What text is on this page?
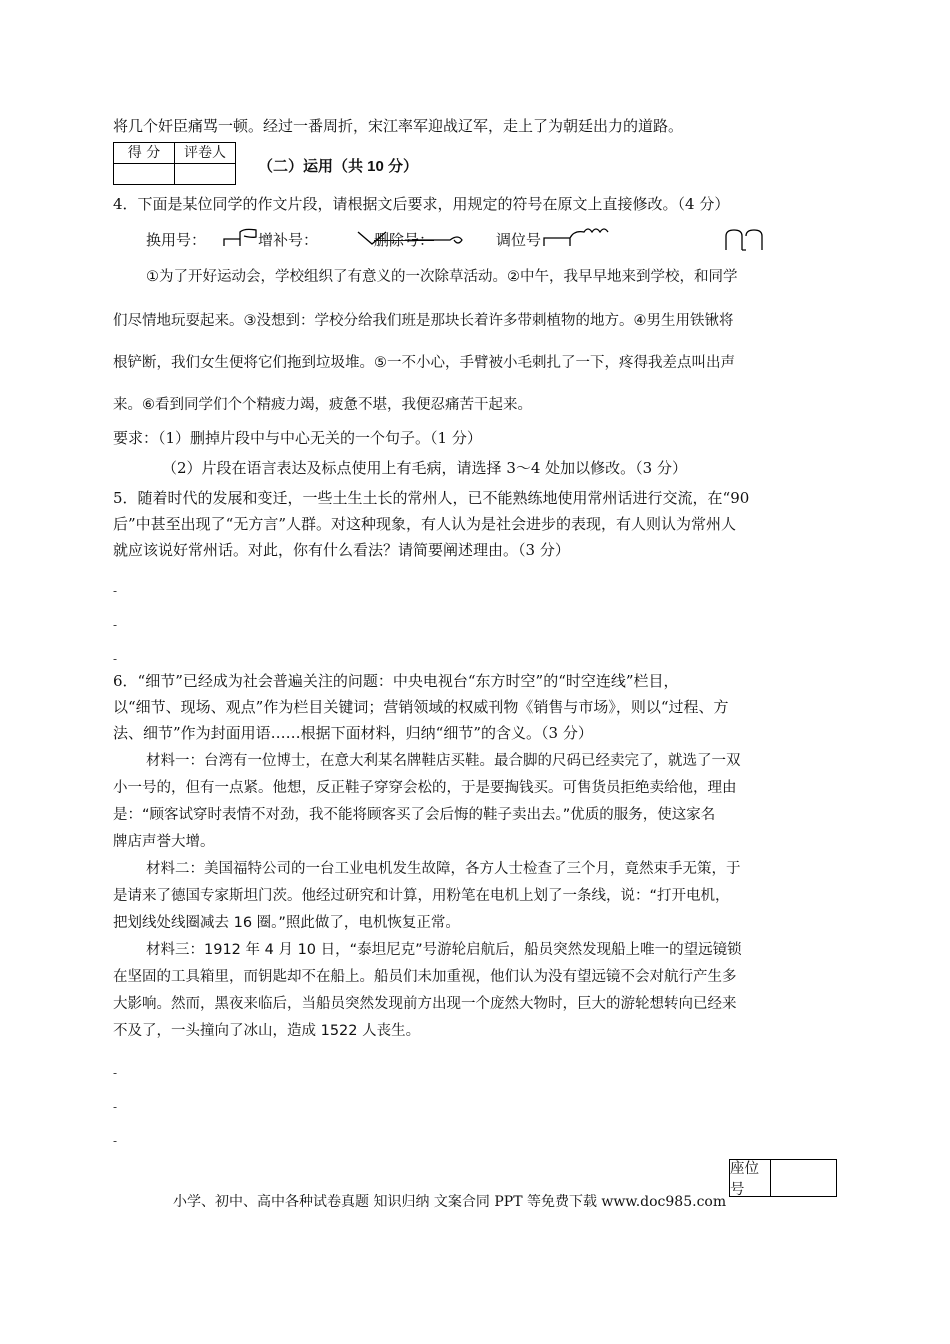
将几个奸臣痛骂一顿。经过一番周折，宋江率军迎战辽军，走上了为朝廷出力的道路。
得 分	评卷人

（二）运用（共 10 分）
4．下面是某位同学的作文片段，请根据文后要求，用规定的符号在原文上直接修改。（4 分）
换用号：	增补号：	删除号：	调位号
①为了开好运动会，学校组织了有意义的一次除草活动。②中午，我早早地来到学校，和同学
们尽情地玩耍起来。③没想到：学校分给我们班是那块长着许多带刺植物的地方。④男生用铁锹将
根铲断，我们女生便将它们拖到垃圾堆。⑤一不小心，手臂被小毛刺扎了一下，疼得我差点叫出声
来。⑥看到同学们个个精疲力竭，疲惫不堪，我便忍痛苦干起来。
要求：（1）删掉片段中与中心无关的一个句子。（1 分）
（2）片段在语言表达及标点使用上有毛病，请选择 3～4 处加以修改。（3 分）
5．随着时代的发展和变迁，一些土生土长的常州人，已不能熟练地使用常州话进行交流，在“90
后”中甚至出现了“无方言”人群。对这种现象，有人认为是社会进步的表现，有人则认为常州人
就应该说好常州话。对此，你有什么看法？请简要阐述理由。（3 分）
-
-
-
6．“细节”已经成为社会普遍关注的问题：中央电视台“东方时空”的“时空连线”栏目，
以“细节、现场、观点”作为栏目关键词；营销领域的权威刊物《销售与市场》，则以“过程、方
法、细节”作为封面用语……根据下面材料，归纳“细节”的含义。（3 分）
材料一：台湾有一位博士，在意大利某名牌鞋店买鞋。最合脚的尺码已经卖完了，就选了一双
小一号的，但有一点紧。他想，反正鞋子穿穿会松的，于是要掏钱买。可售货员拒绝卖给他，理由
是：“顾客试穿时表情不对劲，我不能将顾客买了会后悔的鞋子卖出去。”优质的服务，使这家名
牌店声誉大增。
材料二：美国福特公司的一台工业电机发生故障，各方人士检查了三个月，竟然束手无策，于
是请来了德国专家斯坦门茨。他经过研究和计算，用粉笔在电机上划了一条线，说：“打开电机，
把划线处线圈减去 16 圈。”照此做了，电机恢复正常。
材料三：1912 年 4 月 10 日，“泰坦尼克”号游轮启航后，船员突然发现船上唯一的望远镜锁
在坚固的工具箱里，而钥匙却不在船上。船员们未加重视，他们认为没有望远镜不会对航行产生多
大影响。然而，黑夜来临后，当船员突然发现前方出现一个庞然大物时，巨大的游轮想转向已经来
不及了，一头撞向了冰山，造成 1522 人丧生。
-
-
-
座位号
小学、初中、高中各种试卷真题 知识归纳 文案合同 PPT 等免费下载 www.doc985.com
